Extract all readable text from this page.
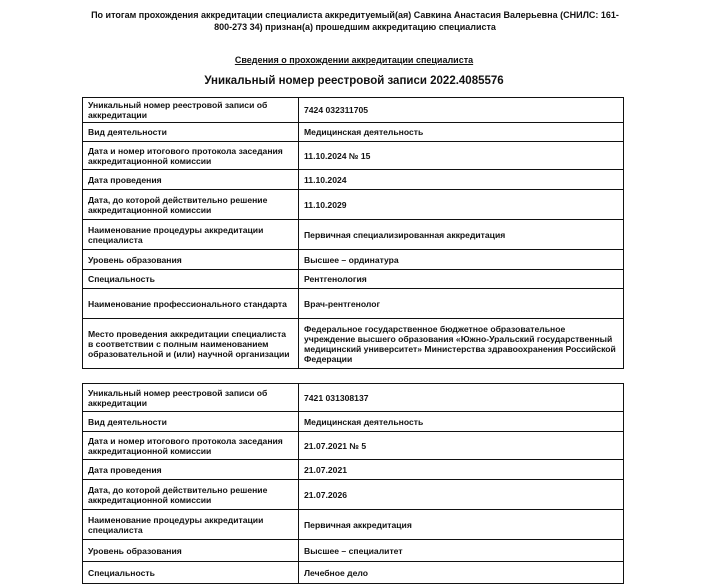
По итогам прохождения аккредитации специалиста аккредитуемый(ая) Савкина Анастасия Валерьевна (СНИЛС: 161-
800-273 34) признан(а) прошедшим аккредитацию специалиста
Сведения о прохождении аккредитации специалиста
Уникальный номер реестровой записи 2022.4085576
Уникальный номер реестровой записи об аккредитации	7424 032311705
Вид деятельности	Медицинская деятельность
Дата и номер итогового протокола заседания аккредитационной комиссии	11.10.2024 № 15
Дата проведения	11.10.2024
Дата, до которой действительно решение аккредитационной комиссии	11.10.2029
Наименование процедуры аккредитации специалиста	Первичная специализированная аккредитация
Уровень образования	Высшее – ординатура
Специальность	Рентгенология
Наименование профессионального стандарта	Врач-рентгенолог
Место проведения аккредитации специалиста в соответствии с полным наименованием образовательной и (или) научной организации	Федеральное государственное бюджетное образовательное учреждение высшего образования «Южно-Уральский государственный медицинский университет» Министерства здравоохранения Российской Федерации
Уникальный номер реестровой записи об аккредитации	7421 031308137
Вид деятельности	Медицинская деятельность
Дата и номер итогового протокола заседания аккредитационной комиссии	21.07.2021 № 5
Дата проведения	21.07.2021
Дата, до которой действительно решение аккредитационной комиссии	21.07.2026
Наименование процедуры аккредитации специалиста	Первичная аккредитация
Уровень образования	Высшее – специалитет
Специальность	Лечебное дело
